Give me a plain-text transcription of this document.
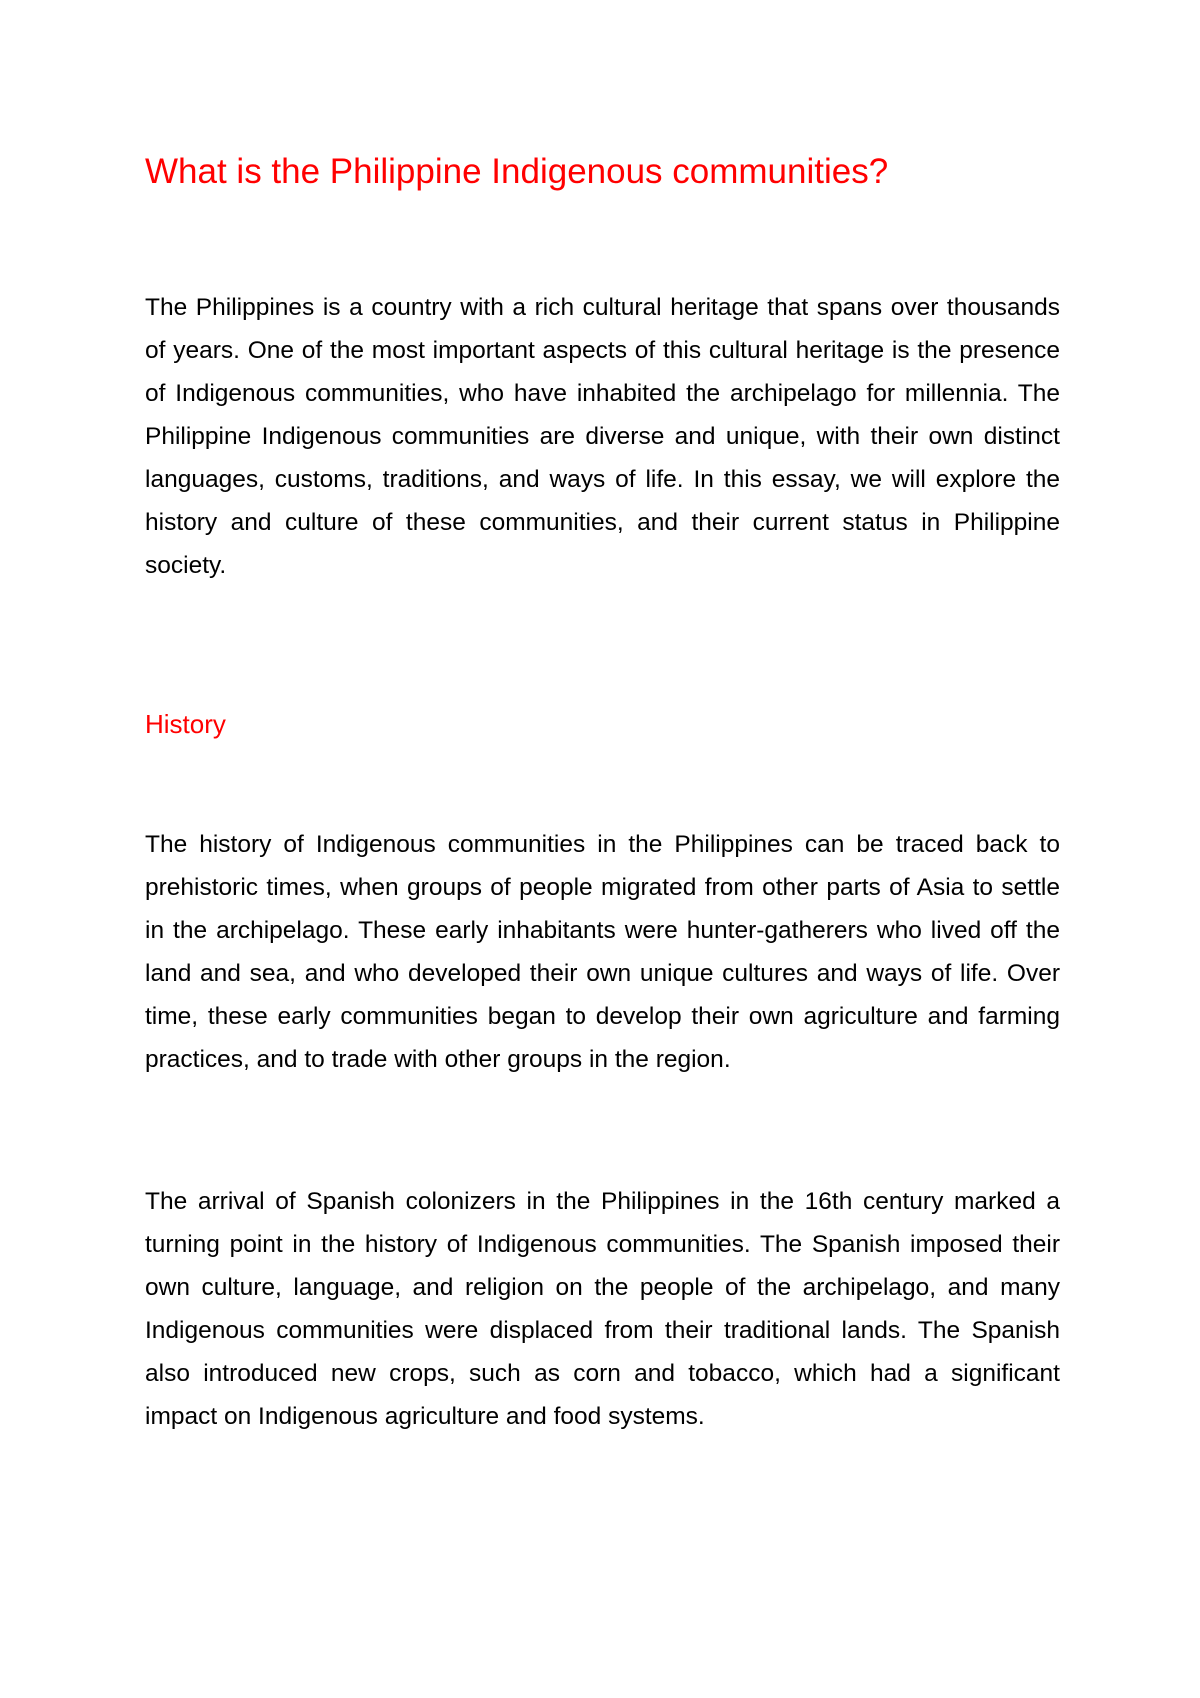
What is the Philippine Indigenous communities?

The Philippines is a country with a rich cultural heritage that spans over thousands of years. One of the most important aspects of this cultural heritage is the presence of Indigenous communities, who have inhabited the archipelago for millennia. The Philippine Indigenous communities are diverse and unique, with their own distinct languages, customs, traditions, and ways of life. In this essay, we will explore the history and culture of these communities, and their current status in Philippine society.

History

The history of Indigenous communities in the Philippines can be traced back to prehistoric times, when groups of people migrated from other parts of Asia to settle in the archipelago. These early inhabitants were hunter-gatherers who lived off the land and sea, and who developed their own unique cultures and ways of life. Over time, these early communities began to develop their own agriculture and farming practices, and to trade with other groups in the region.

The arrival of Spanish colonizers in the Philippines in the 16th century marked a turning point in the history of Indigenous communities. The Spanish imposed their own culture, language, and religion on the people of the archipelago, and many Indigenous communities were displaced from their traditional lands. The Spanish also introduced new crops, such as corn and tobacco, which had a significant impact on Indigenous agriculture and food systems.
